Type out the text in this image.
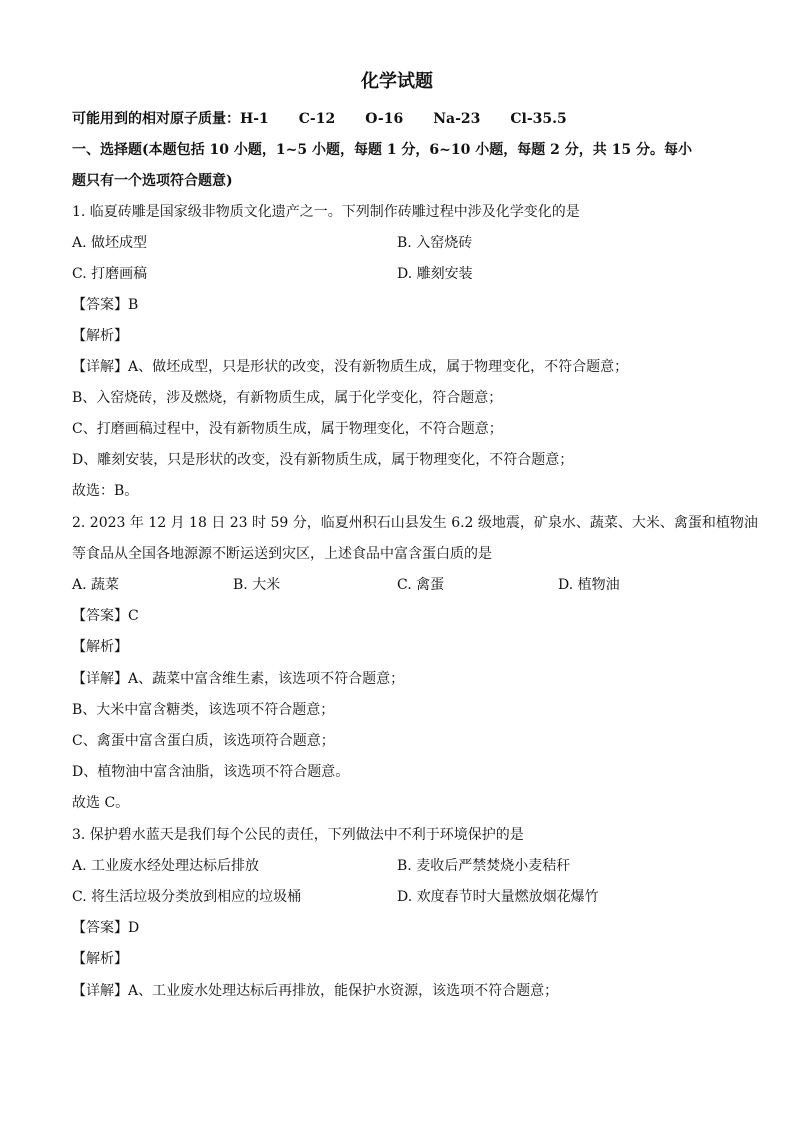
化学试题
可能用到的相对原子质量：H-1 C-12 O-16 Na-23 Cl-35.5
一、选择题(本题包括 10 小题，1~5 小题，每题 1 分，6~10 小题，每题 2 分，共 15 分。每小
题只有一个选项符合题意)
1. 临夏砖雕是国家级非物质文化遗产之一。下列制作砖雕过程中涉及化学变化的是
A. 做坯成型	B. 入窑烧砖
C. 打磨画稿	D. 雕刻安装
【答案】B
【解析】
【详解】A、做坯成型，只是形状的改变，没有新物质生成，属于物理变化，不符合题意；
B、入窑烧砖，涉及燃烧，有新物质生成，属于化学变化，符合题意；
C、打磨画稿过程中，没有新物质生成，属于物理变化，不符合题意；
D、雕刻安装，只是形状的改变，没有新物质生成，属于物理变化，不符合题意；
故选：B。
2. 2023 年 12 月 18 日 23 时 59 分，临夏州积石山县发生 6.2 级地震，矿泉水、蔬菜、大米、禽蛋和植物油
等食品从全国各地源源不断运送到灾区，上述食品中富含蛋白质的是
A. 蔬菜	B. 大米	C. 禽蛋	D. 植物油
【答案】C
【解析】
【详解】A、蔬菜中富含维生素，该选项不符合题意；
B、大米中富含糖类，该选项不符合题意；
C、禽蛋中富含蛋白质，该选项符合题意；
D、植物油中富含油脂，该选项不符合题意。
故选 C。
3. 保护碧水蓝天是我们每个公民的责任，下列做法中不利于环境保护的是
A. 工业废水经处理达标后排放	B. 麦收后严禁焚烧小麦秸秆
C. 将生活垃圾分类放到相应的垃圾桶	D. 欢度春节时大量燃放烟花爆竹
【答案】D
【解析】
【详解】A、工业废水处理达标后再排放，能保护水资源，该选项不符合题意；
